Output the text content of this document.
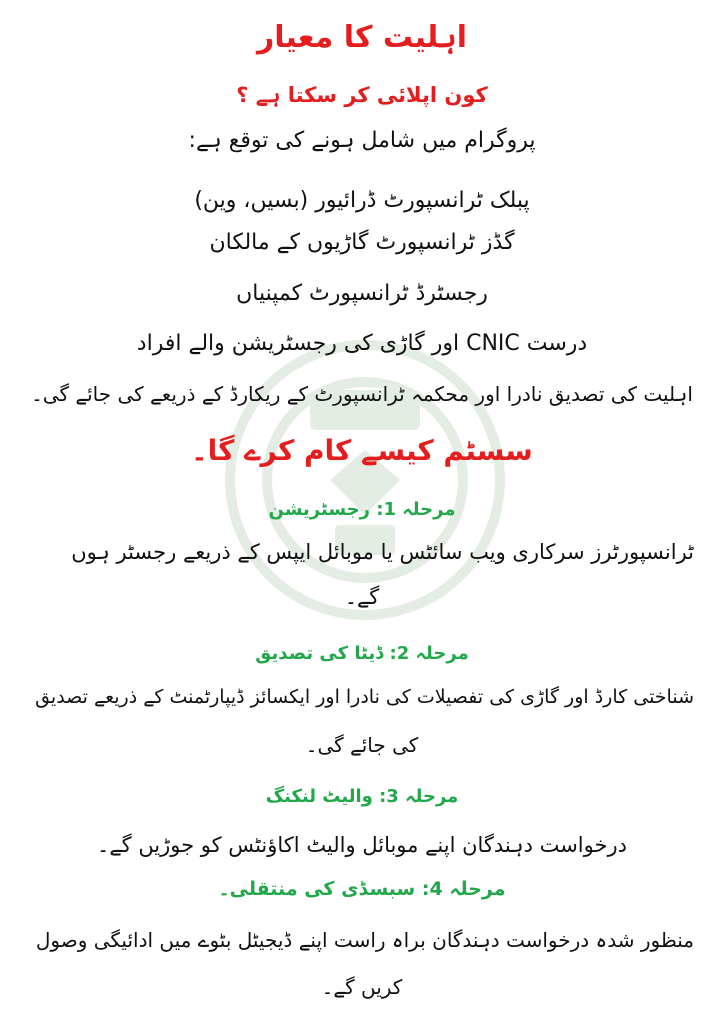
اہلیت کا معیار

کون اپلائی کر سکتا ہے ؟

پروگرام میں شامل ہونے کی توقع ہے:

پبلک ٹرانسپورٹ ڈرائیور (بسیں، وین)

گڈز ٹرانسپورٹ گاڑیوں کے مالکان

رجسٹرڈ ٹرانسپورٹ کمپنیاں

درست CNIC اور گاڑی کی رجسٹریشن والے افراد

اہلیت کی تصدیق نادرا اور محکمہ ٹرانسپورٹ کے ریکارڈ کے ذریعے کی جائے گی۔

سسٹم کیسے کام کرے گا۔

مرحلہ 1: رجسٹریشن

ٹرانسپورٹرز سرکاری ویب سائٹس یا موبائل ایپس کے ذریعے رجسٹر ہوں

گے۔

مرحلہ 2: ڈیٹا کی تصدیق

شناختی کارڈ اور گاڑی کی تفصیلات کی نادرا اور ایکسائز ڈیپارٹمنٹ کے ذریعے تصدیق

کی جائے گی۔

مرحلہ 3: والیٹ لنکنگ

درخواست دہندگان اپنے موبائل والیٹ اکاؤنٹس کو جوڑیں گے۔

مرحلہ 4: سبسڈی کی منتقلی۔

منظور شدہ درخواست دہندگان براہ راست اپنے ڈیجیٹل بٹوے میں ادائیگی وصول

کریں گے۔
